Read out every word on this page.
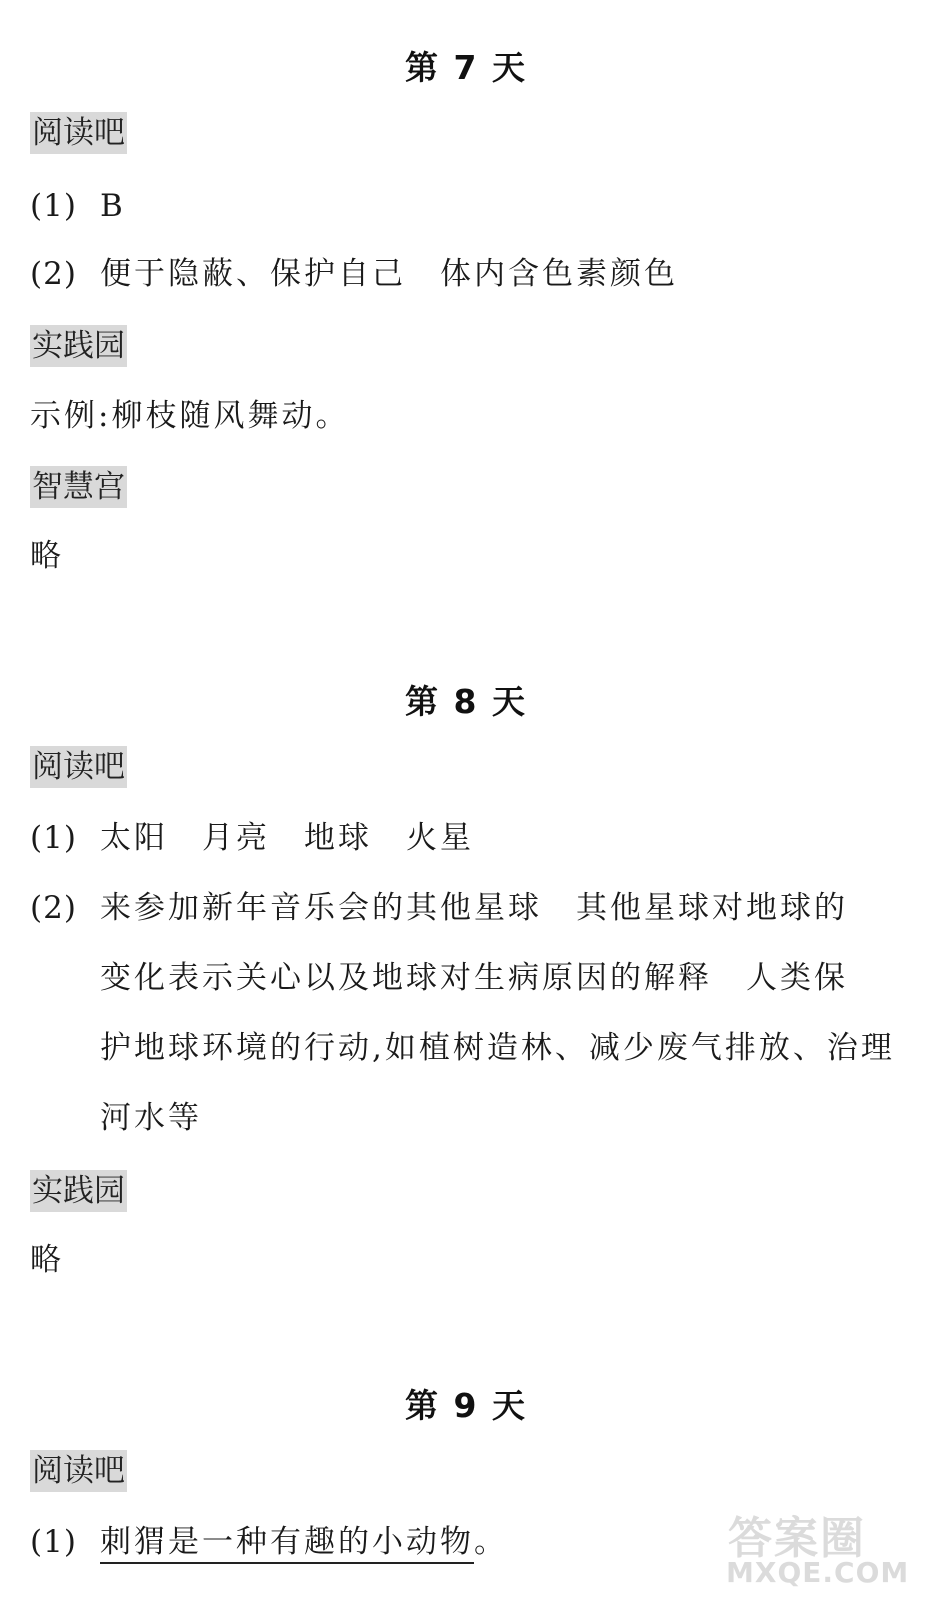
第 7 天
阅读吧
(1) B
(2) 便于隐蔽、保护自己　体内含色素颜色
实践园
示例:柳枝随风舞动。
智慧宫
略
第 8 天
阅读吧
(1) 太阳　月亮　地球　火星
(2) 来参加新年音乐会的其他星球　其他星球对地球的
变化表示关心以及地球对生病原因的解释　人类保
护地球环境的行动,如植树造林、减少废气排放、治理
河水等
实践园
略
第 9 天
阅读吧
(1) 刺猬是一种有趣的小动物。	答案圈
MXQE.COM
